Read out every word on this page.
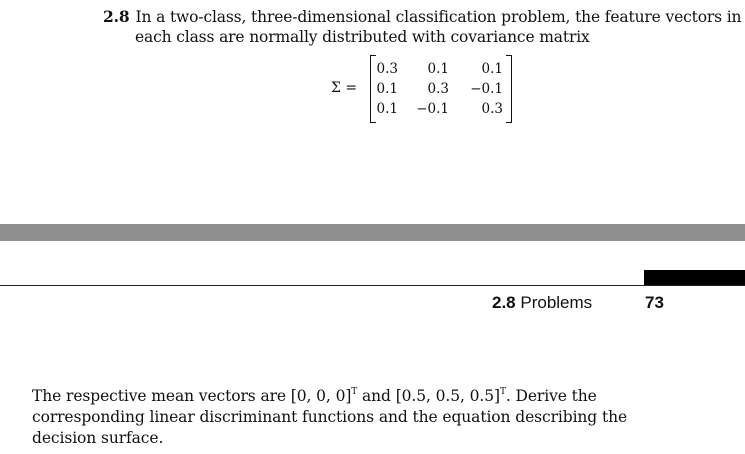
2.8 In a two-class, three-dimensional classification problem, the feature vectors in
each class are normally distributed with covariance matrix
Σ =
0.3	0.1	0.1
0.1	0.3	−0.1
0.1	−0.1	0.3
2.8 Problems	73
The respective mean vectors are [0, 0, 0]$^T$ and [0.5, 0.5, 0.5]$^T$. Derive the
corresponding linear discriminant functions and the equation describing the
decision surface.
